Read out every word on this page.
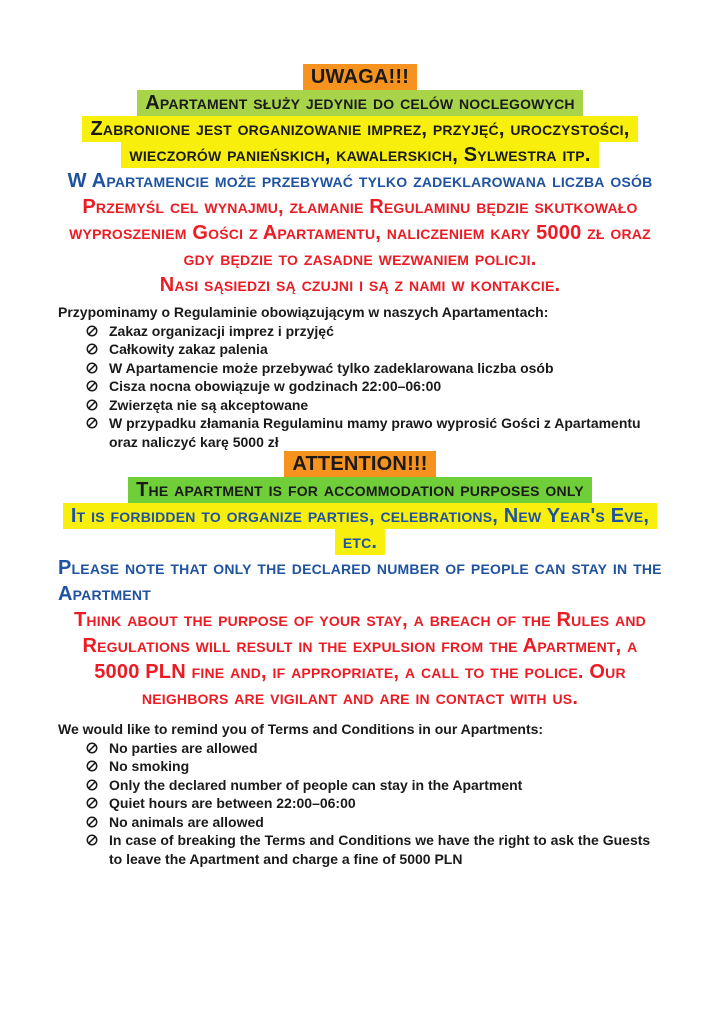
UWAGA!!!

Apartament służy jedynie do celów noclegowych

Zabronione jest organizowanie imprez, przyjęć, uroczystości, wieczorów panieńskich, kawalerskich, Sylwestra itp.

W Apartamencie może przebywać tylko zadeklarowana liczba osób

Przemyśl cel wynajmu, złamanie Regulaminu będzie skutkowało wyproszeniem Gości z Apartamentu, naliczeniem kary 5000 zł oraz gdy będzie to zasadne wezwaniem policji.

Nasi sąsiedzi są czujni i są z nami w kontakcie.

Przypominamy o Regulaminie obowiązującym w naszych Apartamentach:

Zakaz organizacji imprez i przyjęć
Całkowity zakaz palenia
W Apartamencie może przebywać tylko zadeklarowana liczba osób
Cisza nocna obowiązuje w godzinach 22:00–06:00
Zwierzęta nie są akceptowane
W przypadku złamania Regulaminu mamy prawo wyprosić Gości z Apartamentu oraz naliczyć karę 5000 zł

ATTENTION!!!

The apartment is for accommodation purposes only

It is forbidden to organize parties, celebrations, New Year's Eve, etc.

Please note that only the declared number of people can stay in the Apartment

Think about the purpose of your stay, a breach of the Rules and Regulations will result in the expulsion from the Apartment, a 5000 PLN fine and, if appropriate, a call to the police. Our neighbors are vigilant and are in contact with us.

We would like to remind you of Terms and Conditions in our Apartments:

No parties are allowed
No smoking
Only the declared number of people can stay in the Apartment
Quiet hours are between 22:00–06:00
No animals are allowed
In case of breaking the Terms and Conditions we have the right to ask the Guests to leave the Apartment and charge a fine of 5000 PLN
